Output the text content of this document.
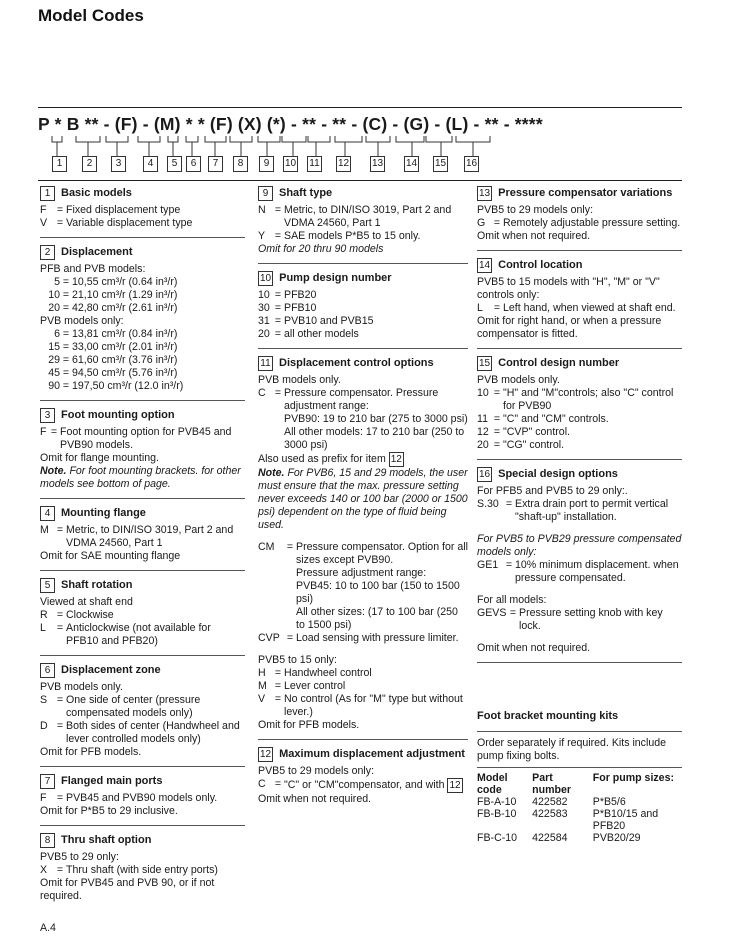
Model Codes
P * B ** - (F) - (M) * * (F) (X) (*) - ** - ** - (C) - (G) - (L) - ** - ****
1	2	3	4	5	6	7	8	9	10 11 12 13 14 15 16
1 Basic models
F = Fixed displacement type
V = Variable displacement type
2 Displacement
PFB and PVB models:
5 = 10,55 cm³/r (0.64 in³/r)
10 = 21,10 cm³/r (1.29 in³/r)
20 = 42,80 cm³/r (2.61 in³/r)
PVB models only:
6 = 13,81 cm³/r (0.84 in³/r)
15 = 33,00 cm³/r (2.01 in³/r)
29 = 61,60 cm³/r (3.76 in³/r)
45 = 94,50 cm³/r (5.76 in³/r)
90 = 197,50 cm³/r (12.0 in³/r)
3 Foot mounting option
F = Foot mounting option for PVB45 and PVB90 models.
Omit for flange mounting.
Note. For foot mounting brackets. for other models see bottom of page.
4 Mounting flange
M = Metric, to DIN/ISO 3019, Part 2 and VDMA 24560, Part 1
Omit for SAE mounting flange
5 Shaft rotation
Viewed at shaft end
R = Clockwise
L	= Anticlockwise (not available for PFB10 and PFB20)
6 Displacement zone
PVB models only.
S = One side of center (pressure compensated models only)
D = Both sides of center (Handwheel and lever controlled models only)
Omit for PFB models.
7 Flanged main ports
F = PVB45 and PVB90 models only.
Omit for P*B5 to 29 inclusive.
8 Thru shaft option
PVB5 to 29 only:
X = Thru shaft (with side entry ports)
Omit for PVB45 and PVB 90, or if not required.
9 Shaft type
N = Metric, to DIN/ISO 3019, Part 2 and VDMA 24560, Part 1
Y = SAE models P*B5 to 15 only.
Omit for 20 thru 90 models
10 Pump design number
10 = PFB20
30 = PFB10
31 = PVB10 and PVB15
20 = all other models
11 Displacement control options
PVB models only.
C = Pressure compensator. Pressure adjustment range:
PVB90: 19 to 210 bar (275 to 3000 psi)
All other models: 17 to 210 bar (250 to 3000 psi)
Also used as prefix for item 12
Note. For PVB6, 15 and 29 models, the user must ensure that the max. pressure setting never exceeds 140 or 100 bar (2000 or 1500 psi) dependent on the type of fluid being used.
CM	= Pressure compensator. Option for all sizes except PVB90.
Pressure adjustment range:
PVB45: 10 to 100 bar (150 to 1500 psi)
All other sizes: (17 to 100 bar (250 to 1500 psi)
CVP = Load sensing with pressure limiter.
PVB5 to 15 only:
H = Handwheel control
M = Lever control
V = No control (As for "M" type but without lever.)
Omit for PFB models.
12 Maximum displacement adjustment
PVB5 to 29 models only:
C = "C" or "CM"compensator, and with 12
Omit when not required.
13 Pressure compensator variations
PVB5 to 29 models only:
G = Remotely adjustable pressure setting.
Omit when not required.
14 Control location
PVB5 to 15 models with "H", "M" or "V" controls only:
L	= Left hand, when viewed at shaft end.
Omit for right hand, or when a pressure compensator is fitted.
15 Control design number
PVB models only.
10 = "H" and "M"controls; also "C" control for PVB90
11 = "C" and "CM" controls.
12 = "CVP" control.
20 = "CG" control.
16 Special design options
For PFB5 and PVB5 to 29 only:.
S.30 = Extra drain port to permit vertical "shaft-up" installation.
For PVB5 to PVB29 pressure compensated models only:
GE1 = 10% minimum displacement. when pressure compensated.
For all models:
GEVS = Pressure setting knob with key lock.
Omit when not required.
Foot bracket mounting kits
Order separately if required. Kits include pump fixing bolts.
Model code	Part number	For pump sizes:
FB-A-10	422582	P*B5/6
FB-B-10	422583	P*B10/15 and PFB20
FB-C-10	422584	PVB20/29
A.4
